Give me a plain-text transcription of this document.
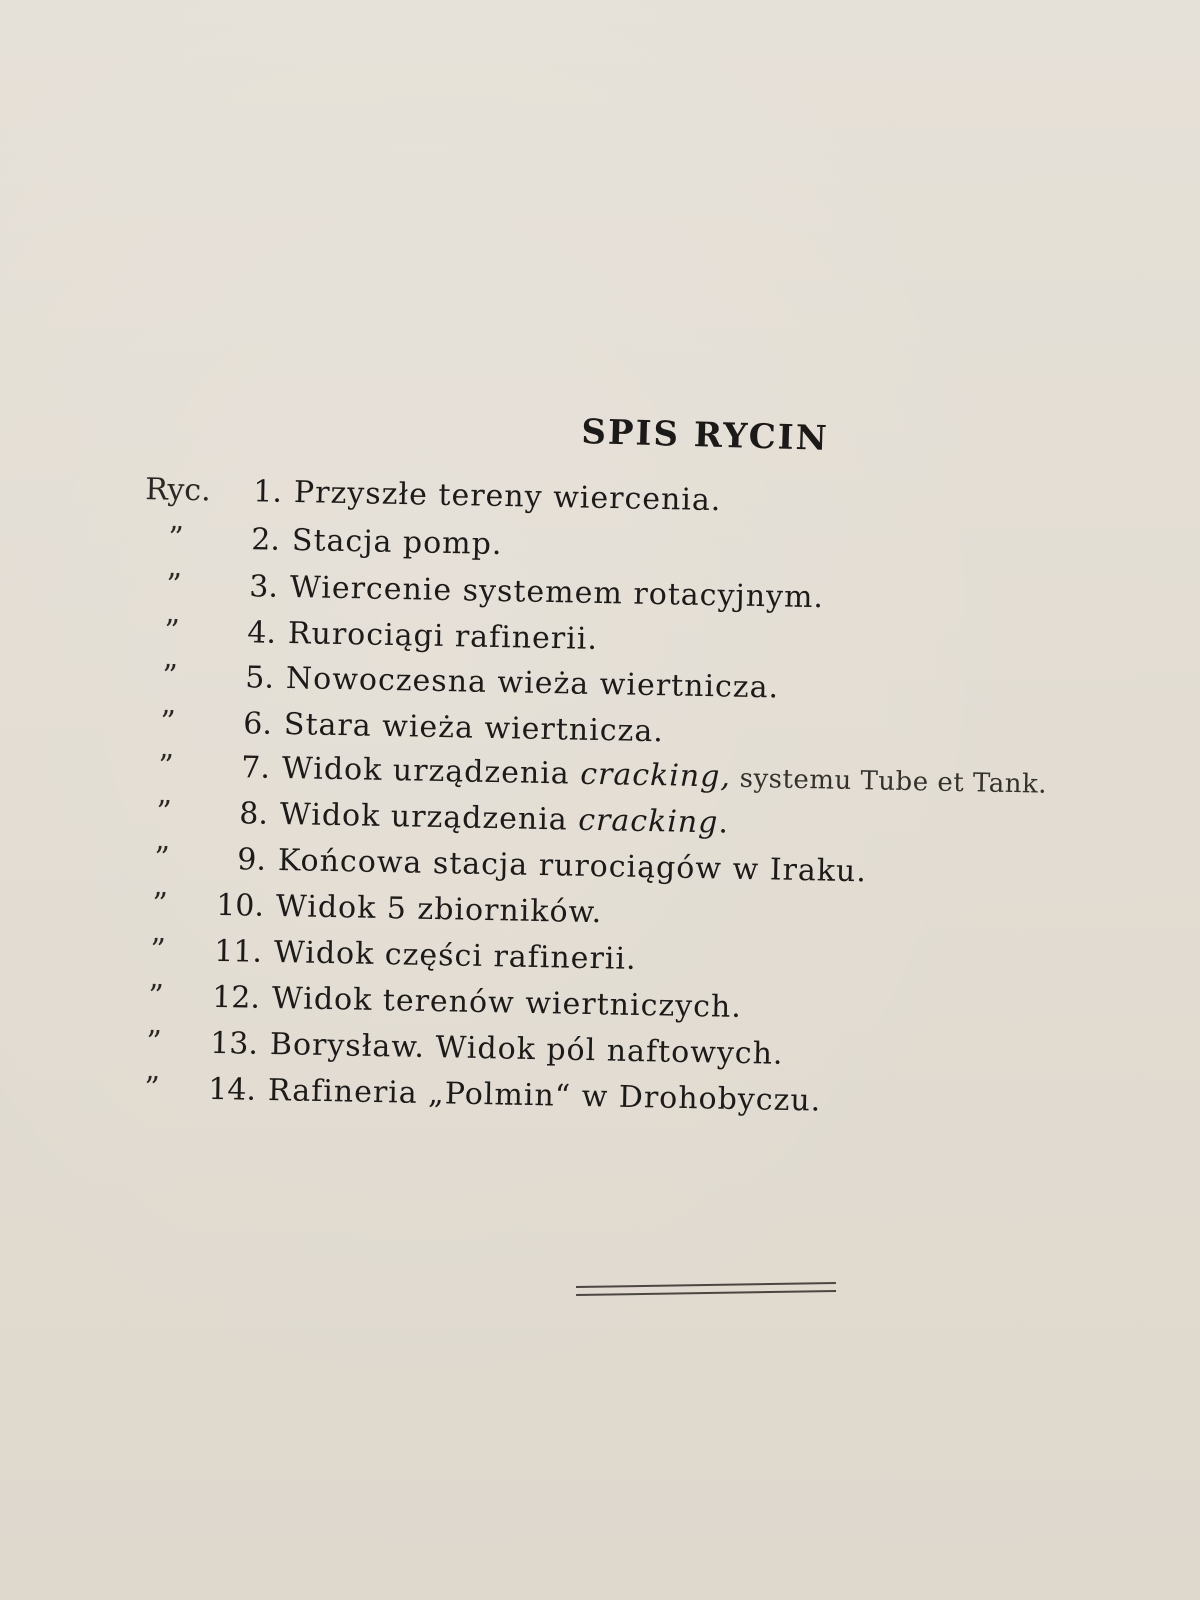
SPIS RYCIN
Ryc.	1. Przyszłe tereny wiercenia.
”	2. Stacja pomp.
”	3. Wiercenie systemem rotacyjnym.
”	4. Rurociągi rafinerii.
”	5. Nowoczesna wieża wiertnicza.
”	6. Stara wieża wiertnicza.
”	7. Widok urządzenia cracking, systemu Tube et Tank.
”	8. Widok urządzenia cracking.
”	9. Końcowa stacja rurociągów w Iraku.
”	10. Widok 5 zbiorników.
”	11. Widok części rafinerii.
”	12. Widok terenów wiertniczych.
”	13. Borysław. Widok pól naftowych.
”	14. Rafineria „Polmin“ w Drohobyczu.
